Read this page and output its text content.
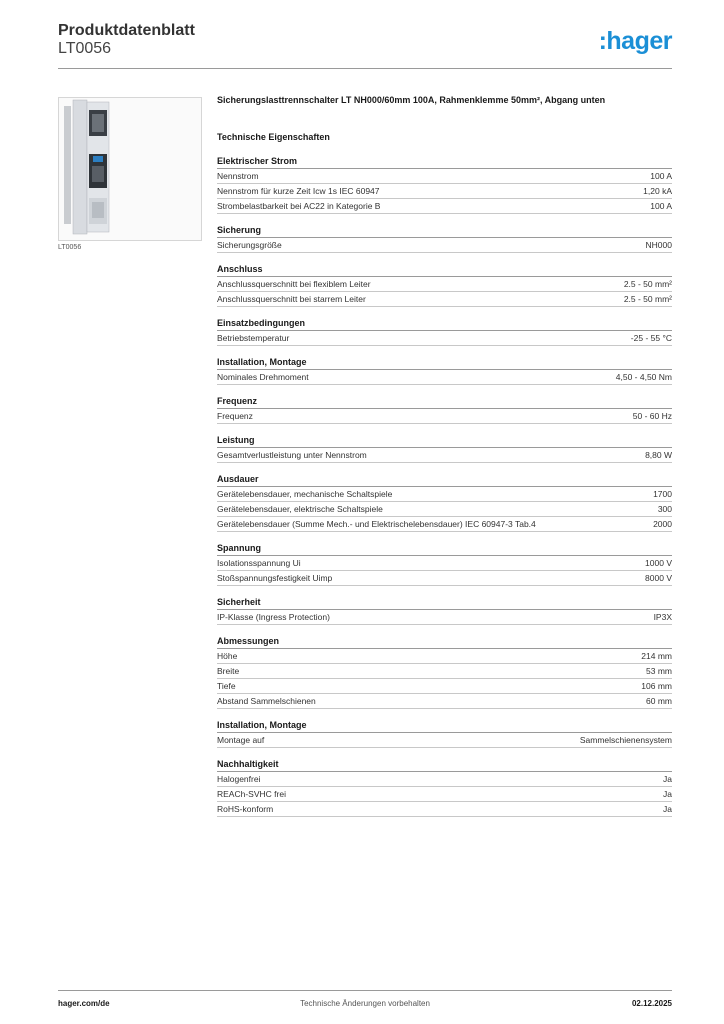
Produktdatenblatt
LT0056	:hager
LT0056
Sicherungslasttrennschalter LT NH000/60mm 100A, Rahmenklemme 50mm², Abgang unten
Technische Eigenschaften
Elektrischer Strom
Nennstrom	100 A
Nennstrom für kurze Zeit Icw 1s IEC 60947	1,20 kA
Strombelastbarkeit bei AC22 in Kategorie B	100 A
Sicherung
Sicherungsgröße	NH000
Anschluss
Anschlussquerschnitt bei flexiblem Leiter	2.5 - 50 mm²
Anschlussquerschnitt bei starrem Leiter	2.5 - 50 mm²
Einsatzbedingungen
Betriebstemperatur	-25 - 55 °C
Installation, Montage
Nominales Drehmoment	4,50 - 4,50 Nm
Frequenz
Frequenz	50 - 60 Hz
Leistung
Gesamtverlustleistung unter Nennstrom	8,80 W
Ausdauer
Gerätelebensdauer, mechanische Schaltspiele	1700
Gerätelebensdauer, elektrische Schaltspiele	300
Gerätelebensdauer (Summe Mech.- und Elektrischelebensdauer) IEC 60947-3 Tab.4	2000
Spannung
Isolationsspannung Ui	1000 V
Stoßspannungsfestigkeit Uimp	8000 V
Sicherheit
IP-Klasse (Ingress Protection)	IP3X
Abmessungen
Höhe	214 mm
Breite	53 mm
Tiefe	106 mm
Abstand Sammelschienen	60 mm
Installation, Montage
Montage auf	Sammelschienensystem
Nachhaltigkeit
Halogenfrei	Ja
REACh-SVHC frei	Ja
RoHS-konform	Ja
hager.com/de	Technische Änderungen vorbehalten	02.12.2025
